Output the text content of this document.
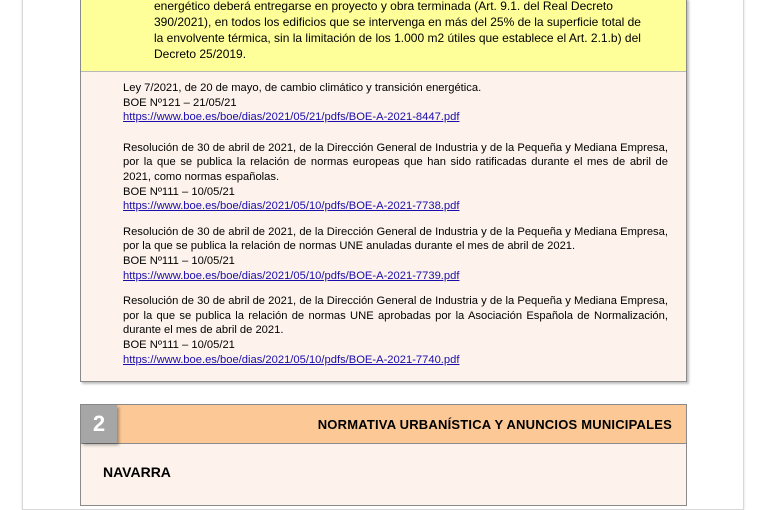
energético deberá entregarse en proyecto y obra terminada (Art. 9.1. del Real Decreto
390/2021), en todos los edificios que se intervenga en más del 25% de la superficie total de
la envolvente térmica, sin la limitación de los 1.000 m2 útiles que establece el Art. 2.1.b) del
Decreto 25/2019.

Ley 7/2021, de 20 de mayo, de cambio climático y transición energética.

BOE Nº121 – 21/05/21
https://www.boe.es/boe/dias/2021/05/21/pdfs/BOE-A-2021-8447.pdf

Resolución de 30 de abril de 2021, de la Dirección General de Industria y de la Pequeña y Mediana Empresa, por la que se publica la relación de normas europeas que han sido ratificadas durante el mes de abril de 2021, como normas españolas.

BOE Nº111 – 10/05/21
https://www.boe.es/boe/dias/2021/05/10/pdfs/BOE-A-2021-7738.pdf

Resolución de 30 de abril de 2021, de la Dirección General de Industria y de la Pequeña y Mediana Empresa, por la que se publica la relación de normas UNE anuladas durante el mes de abril de 2021.

BOE Nº111 – 10/05/21
https://www.boe.es/boe/dias/2021/05/10/pdfs/BOE-A-2021-7739.pdf

Resolución de 30 de abril de 2021, de la Dirección General de Industria y de la Pequeña y Mediana Empresa, por la que se publica la relación de normas UNE aprobadas por la Asociación Española de Normalización, durante el mes de abril de 2021.

BOE Nº111 – 10/05/21
https://www.boe.es/boe/dias/2021/05/10/pdfs/BOE-A-2021-7740.pdf
2	NORMATIVA URBANÍSTICA Y ANUNCIOS MUNICIPALES
NAVARRA
